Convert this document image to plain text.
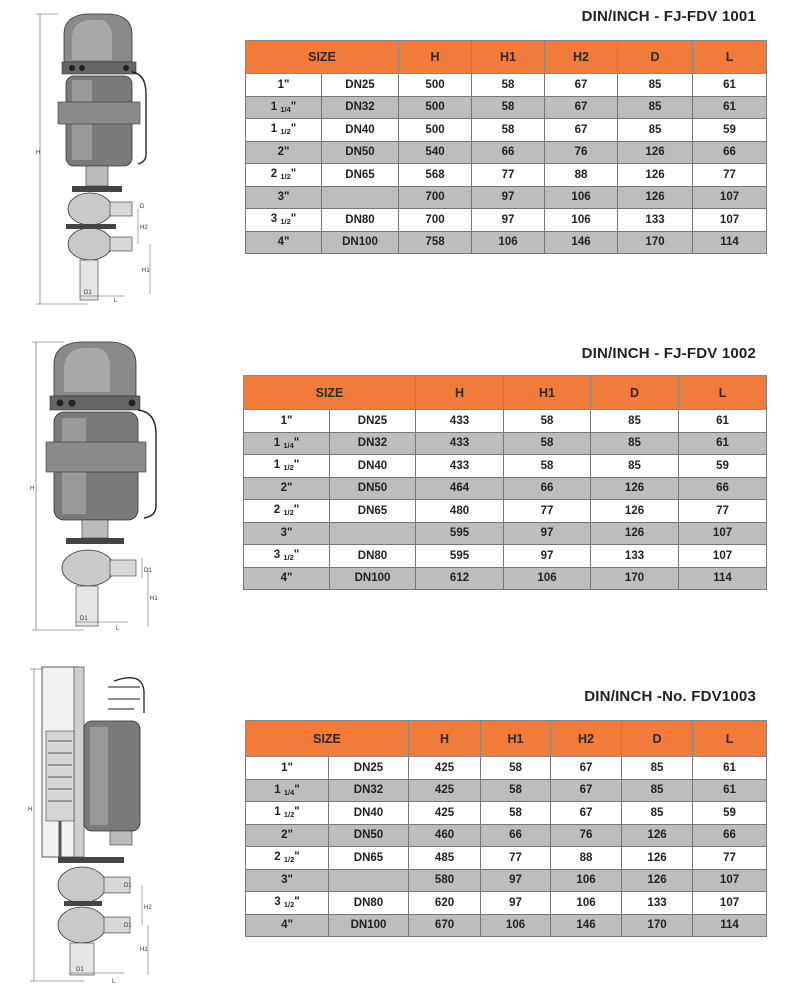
H
H2
H1
D
D1
L
DIN/INCH - FJ-FDV 1001
SIZE		H	H1	H2	D	L
1"	DN25	500	58	67	85	61
1 $_{1/4}$"	DN32	500	58	67	85	61
1 $_{1/2}$"	DN40	500	58	67	85	59
2"	DN50	540	66	76	126	66
2 $_{1/2}$"	DN65	568	77	88	126	77
3"		700	97	106	126	107
3 $_{1/2}$"	DN80	700	97	106	133	107
4"	DN100	758	106	146	170	114
H
H1
D1
D1
L
DIN/INCH - FJ-FDV 1002
SIZE		H	H1	D	L
1"	DN25	433	58	85	61
1 $_{1/4}$"	DN32	433	58	85	61
1 $_{1/2}$"	DN40	433	58	85	59
2"	DN50	464	66	126	66
2 $_{1/2}$"	DN65	480	77	126	77
3"		595	97	126	107
3 $_{1/2}$"	DN80	595	97	133	107
4"	DN100	612	106	170	114
H
D1
H2
D1
H1
D1
L
DIN/INCH -No. FDV1003
SIZE		H	H1	H2	D	L
1"	DN25	425	58	67	85	61
1 $_{1/4}$"	DN32	425	58	67	85	61
1 $_{1/2}$"	DN40	425	58	67	85	59
2"	DN50	460	66	76	126	66
2 $_{1/2}$"	DN65	485	77	88	126	77
3"		580	97	106	126	107
3 $_{1/2}$"	DN80	620	97	106	133	107
4"	DN100	670	106	146	170	114
